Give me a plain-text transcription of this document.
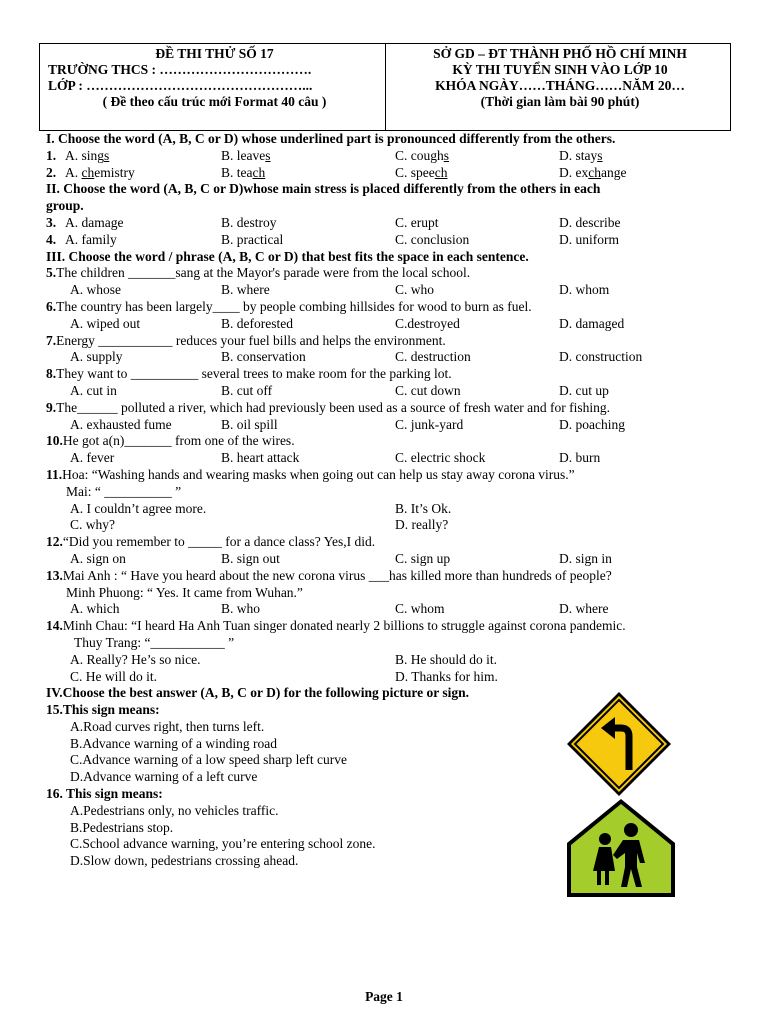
ĐỀ THI THỬ SỐ 17
TRƯỜNG THCS : …………………………….
LỚP : …………………………………………...
( Đề theo cấu trúc mới Format 40 câu )
SỞ GD – ĐT THÀNH PHỐ HỒ CHÍ MINH
KỲ THI TUYỂN SINH VÀO LỚP 10
KHÓA NGÀY……THÁNG……NĂM 20…
(Thời gian làm bài 90 phút)
I. Choose the word (A, B, C or D) whose underlined part is pronounced differently from the others.
1. A. sings	B. leaves	C. coughs	D. stays
2. A. chemistry	B. teach	C. speech	D. exchange
II. Choose the word (A, B, C or D)whose main stress is placed differently from the others in each
group.
3. A. damage	B. destroy	C. erupt	D. describe
4. A. family	B. practical	C. conclusion	D. uniform
III. Choose the word / phrase (A, B, C or D) that best fits the space in each sentence.
5.The children _______sang at the Mayor's parade were from the local school.
A. whose	B. where	C. who	D. whom
6.The country has been largely____ by people combing hillsides for wood to burn as fuel.
A. wiped out	B. deforested	C.destroyed	D. damaged
7.Energy ___________ reduces your fuel bills and helps the environment.
A. supply	B. conservation	C. destruction	D. construction
8.They want to __________ several trees to make room for the parking lot.
A. cut in	B. cut off	C. cut down	D. cut up
9.The______ polluted a river, which had previously been used as a source of fresh water and for fishing.
A. exhausted fume	B. oil spill	C. junk-yard	D. poaching
10.He got a(n)_______ from one of the wires.
A. fever	B. heart attack	C. electric shock	D. burn
11.Hoa: “Washing hands and wearing masks when going out can help us stay away corona virus.”
Mai: “ __________ ”
A. I couldn’t agree more.	B. It’s Ok.
C. why?	D. really?
12.“Did you remember to _____ for a dance class? Yes,I did.
A. sign on	B. sign out	C. sign up	D. sign in
13.Mai Anh : “ Have you heard about the new corona virus ___has killed more than hundreds of people?
Minh Phuong: “ Yes. It came from Wuhan.”
A. which	B. who	C. whom	D. where
14.Minh Chau: “I heard Ha Anh Tuan singer donated nearly 2 billions to struggle against corona pandemic.
Thuy Trang: “___________ ”
A. Really? He’s so nice.	B. He should do it.
C. He will do it.	D. Thanks for him.
IV.Choose the best answer (A, B, C or D) for the following picture or sign.
15.This sign means:
A.Road curves right, then turns left.
B.Advance warning of a winding road
C.Advance warning of a low speed sharp left curve
D.Advance warning of a left curve
16. This sign means:
A.Pedestrians only, no vehicles traffic.
B.Pedestrians stop.
C.School advance warning, you’re entering school zone.
D.Slow down, pedestrians crossing ahead.
Page 1
